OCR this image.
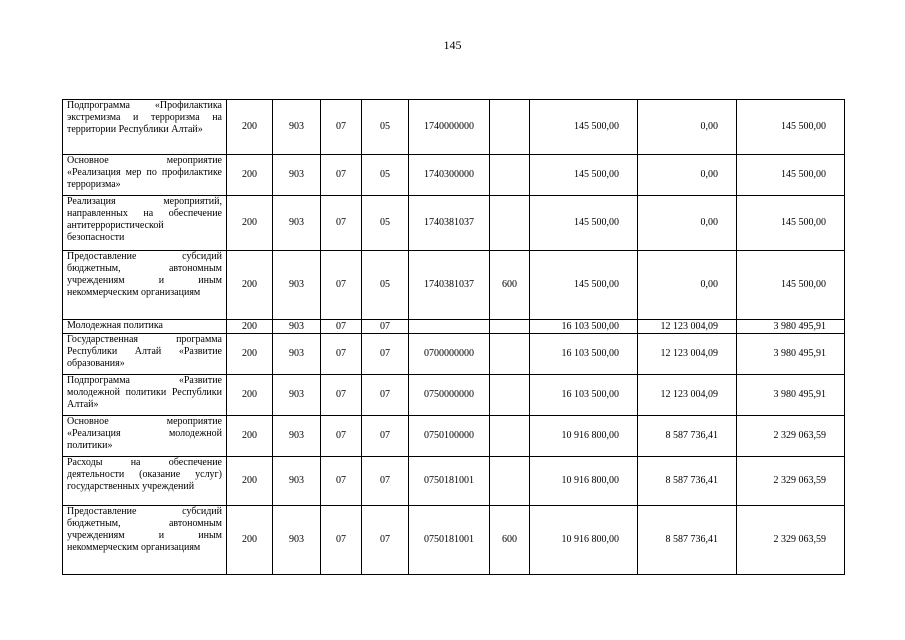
145
Подпрограмма «Профилактика экстремизма и терроризма на территории Республики Алтай»	200	903	07	05	1740000000		145 500,00	0,00	145 500,00
Основное мероприятие «Реализация мер по профилактике терроризма»	200	903	07	05	1740300000		145 500,00	0,00	145 500,00
Реализация мероприятий, направленных на обеспечение антитеррористической безопасности	200	903	07	05	1740381037		145 500,00	0,00	145 500,00
Предоставление субсидий бюджетным, автономным учреждениям и иным некоммерческим организациям	200	903	07	05	1740381037	600	145 500,00	0,00	145 500,00
Молодежная политика	200	903	07	07			16 103 500,00	12 123 004,09	3 980 495,91
Государственная программа Республики Алтай «Развитие образования»	200	903	07	07	0700000000		16 103 500,00	12 123 004,09	3 980 495,91
Подпрограмма «Развитие молодежной политики Республики Алтай»	200	903	07	07	0750000000		16 103 500,00	12 123 004,09	3 980 495,91
Основное мероприятие «Реализация молодежной политики»	200	903	07	07	0750100000		10 916 800,00	8 587 736,41	2 329 063,59
Расходы на обеспечение деятельности (оказание услуг) государственных учреждений	200	903	07	07	0750181001		10 916 800,00	8 587 736,41	2 329 063,59
Предоставление субсидий бюджетным, автономным учреждениям и иным некоммерческим организациям	200	903	07	07	0750181001	600	10 916 800,00	8 587 736,41	2 329 063,59
